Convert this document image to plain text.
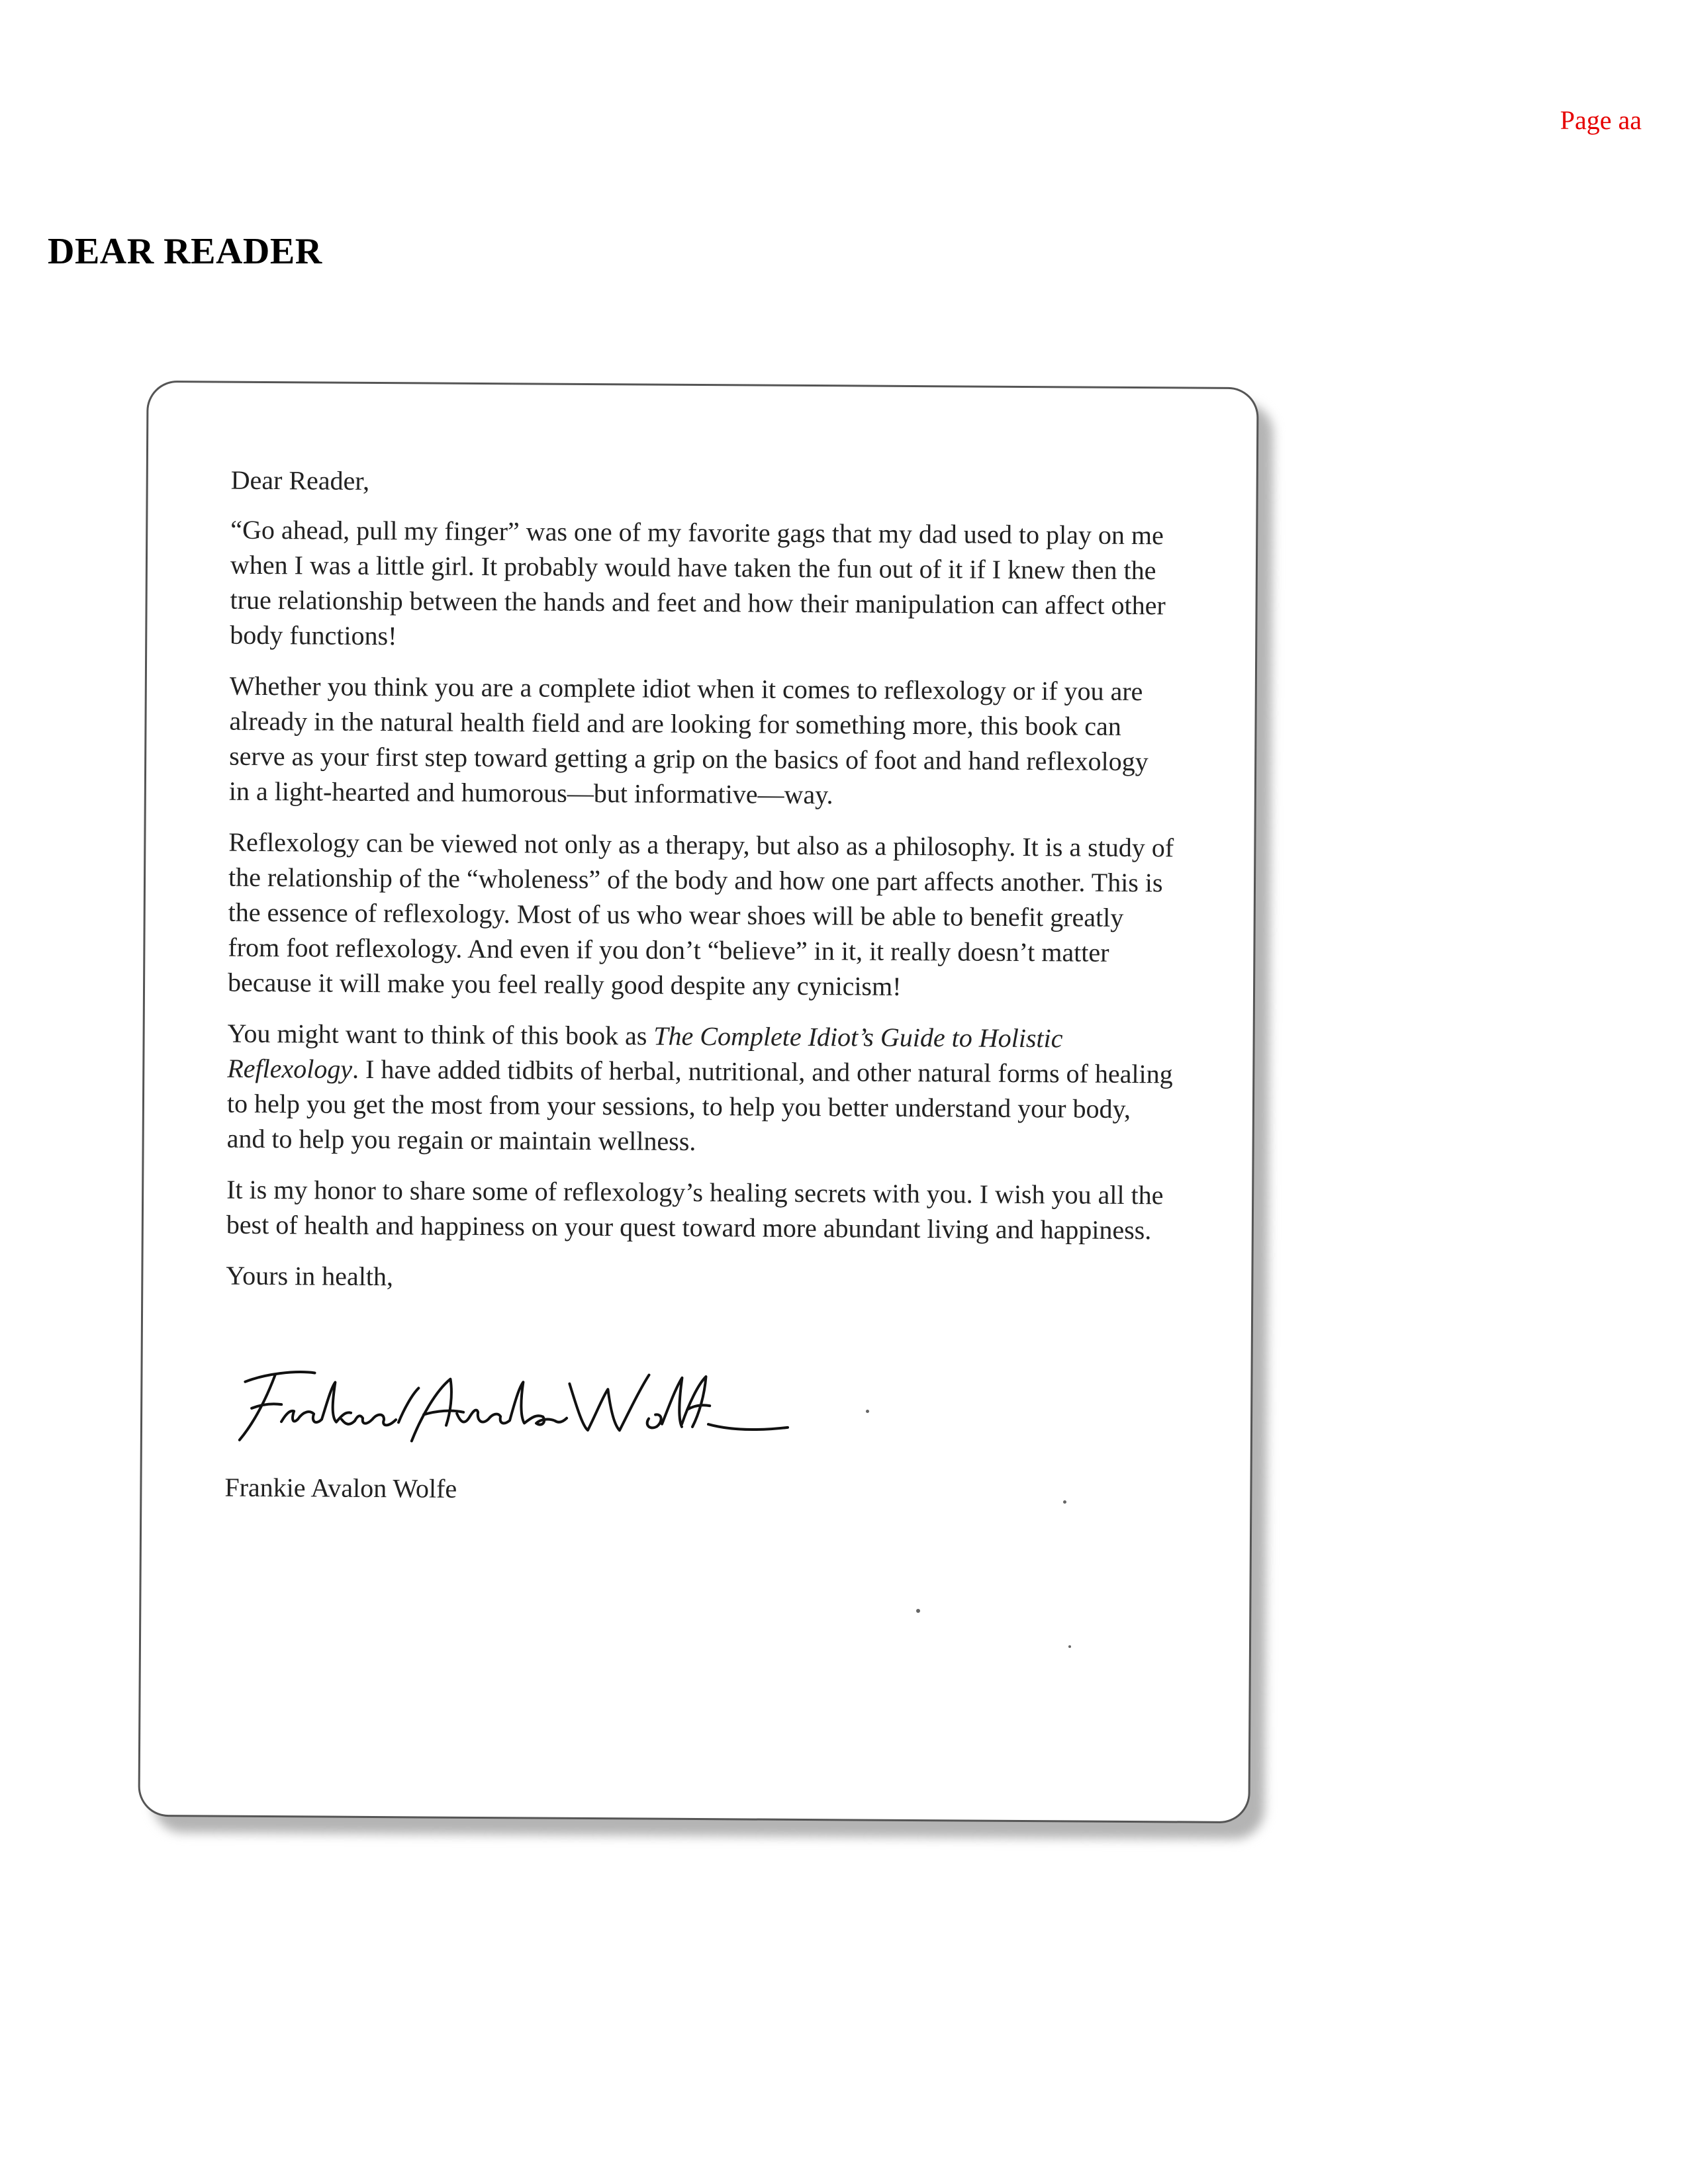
Page aa
DEAR READER

Dear Reader,

“Go ahead, pull my finger” was one of my favorite gags that my dad used to play on me when I was a little girl. It probably would have taken the fun out of it if I knew then the true relationship between the hands and feet and how their manipulation can affect other body functions!

Whether you think you are a complete idiot when it comes to reflexology or if you are already in the natural health field and are looking for something more, this book can serve as your first step toward getting a grip on the basics of foot and hand reflexology in a light-hearted and humorous—but informative—way.

Reflexology can be viewed not only as a therapy, but also as a philosophy. It is a study of the relationship of the “wholeness” of the body and how one part affects another. This is the essence of reflexology. Most of us who wear shoes will be able to benefit greatly from foot reflexology. And even if you don’t “believe” in it, it really doesn’t matter because it will make you feel really good despite any cynicism!

You might want to think of this book as The Complete Idiot’s Guide to Holistic Reflexology. I have added tidbits of herbal, nutritional, and other natural forms of healing to help you get the most from your sessions, to help you better understand your body, and to help you regain or maintain wellness.

It is my honor to share some of reflexology’s healing secrets with you. I wish you all the best of health and happiness on your quest toward more abundant living and happiness.

Yours in health,

Frankie Avalon Wolfe
